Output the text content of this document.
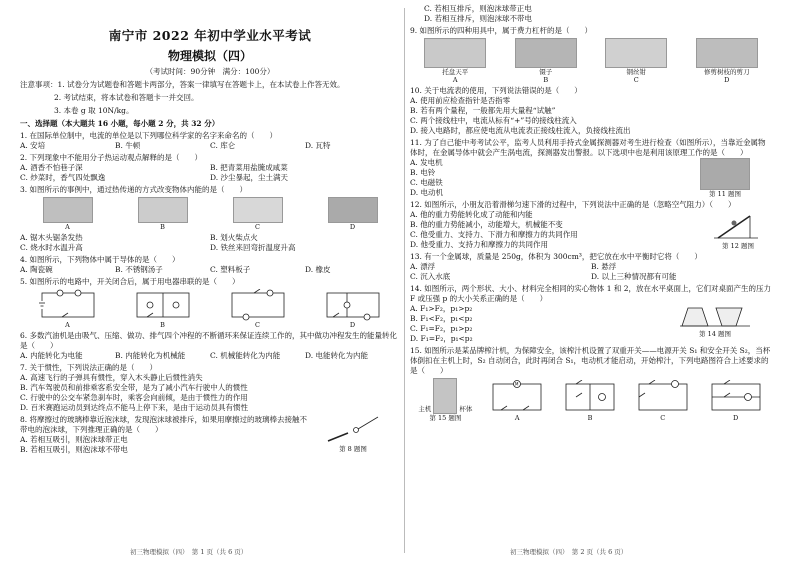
南宁市 2022 年初中学业水平考试
物理模拟（四）
（考试时间：90分钟　满分：100分）
注意事项：1. 试卷分为试题卷和答题卡两部分，答案一律填写在答题卡上，在本试卷上作答无效。
2. 考试结束，将本试卷和答题卡一并交回。
3. 本卷 g 取 10N/kg。
一、选择题（本大题共 16 小题，每小题 2 分，共 32 分）
1. 在国际单位制中，电流的单位是以下列哪位科学家的名字来命名的（　　）
A. 安培	B. 牛顿	C. 库仑	D. 瓦特
2. 下列现象中不能用分子热运动观点解释的是（　　）
A. 酒香不怕巷子深	B. 把青菜用盐腌成咸菜
C. 炒菜时，香气四处飘逸	D. 沙尘暴起，尘土满天
3. 如图所示的事例中，通过热传递的方式改变物体内能的是（　　）
A	B	C	D
A. 锯木头锯条发热	B. 划火柴点火
C. 烧水时水温升高	D. 铁丝来回弯折温度升高
4. 如图所示，下列物体中属于导体的是（　　）
A. 陶瓷碗	B. 不锈钢汤子	C. 塑料板子	D. 橡皮
5. 如图所示的电路中，开关闭合后，属于用电器串联的是（　　）
A	B	C	D
6. 多数汽油机是由吸气、压缩、做功、排气四个冲程的不断循环来保证连续工作的，其中做功冲程发生的能量转化是（　　）
A. 内能转化为电能	B. 内能转化为机械能	C. 机械能转化为内能	D. 电能转化为内能
7. 关于惯性，下列说法正确的是（　　）
A. 高速飞行的子弹具有惯性，穿入木头静止后惯性消失
B. 汽车驾驶员和前排乘客系安全带，是为了减小汽车行驶中人的惯性
C. 行驶中的公交车紧急刹车时，乘客会向前倾，是由于惯性力的作用
D. 百米赛跑运动员到达终点不能马上停下来，是由于运动员具有惯性
8. 将摩擦过的玻璃棒靠近泡沫球，发现泡沫球被排斥，如果用摩擦过的玻璃棒去接触不带电的泡沫球，下列推理正确的是（　　）
A. 若相互吸引，则泡沫球带正电
B. 若相互吸引，则泡沫球不带电	第 8 题图
初三物理模拟（四）　第 1 页（共 6 页）
C. 若相互排斥，则泡沫球带正电
D. 若相互排斥，则泡沫球不带电
9. 如图所示的四种用具中，属于费力杠杆的是（　　）
托盘天平
A
镊子
B
钢丝钳
C
修剪树枝的剪刀
D
10. 关于电流表的使用，下列说法错误的是（　　）
A. 使用前应检查指针是否指零
B. 若有两个量程，一般都先用大量程“试触”
C. 两个接线柱中，电流从标有“+”号的接线柱流入
D. 接入电路时，都应使电流从电流表正接线柱流入，负接线柱流出
11. 为了自己能中考考试公平，监考人员利用手持式金属探测器对考生进行检查（如图所示），当靠近金属物体时，在金属导体中就会产生涡电流，探测器发出警报。以下选项中也是利用该原理工作的是（　　）
A. 发电机
B. 电铃
C. 电磁铁
D. 电动机	第 11 题图
12. 如图所示，小朋友沿着滑梯匀速下滑的过程中，下列说法中正确的是（忽略空气阻力）（　　）
A. 他的重力势能转化成了动能和内能
B. 他的重力势能减小，动能增大，机械能不变
C. 他受重力、支持力、下滑力和摩擦力的共同作用
D. 他受重力、支持力和摩擦力的共同作用	第 12 题图
13. 有一个金属球，质量是 250g，体积为 300cm³，把它放在水中平衡时它将（　　）
A. 漂浮	B. 悬浮
C. 沉入水底	D. 以上三种情况都有可能
14. 如图所示，两个形状、大小、材料完全相同的实心物体 1 和 2，放在水平桌面上，它们对桌面产生的压力 F 或压强 p 的大小关系正确的是（　　）
A. F₁>F₂，p₁>p₂
B. F₁<F₂，p₁<p₂
C. F₁=F₂，p₁>p₂
D. F₁=F₂，p₁<p₂	第 14 题图
15. 如图所示是某品牌榨汁机，为保障安全，该榨汁机设置了双重开关——电源开关 S₁ 和安全开关 S₂，当杯体倒扣在主机上时，S₂ 自动闭合，此时再闭合 S₁，电动机才能启动，开始榨汁，下列电路图符合上述要求的是（　　）
主机	杯体
第 15 题图
M
A	B	C	D
初三物理模拟（四）　第 2 页（共 6 页）
